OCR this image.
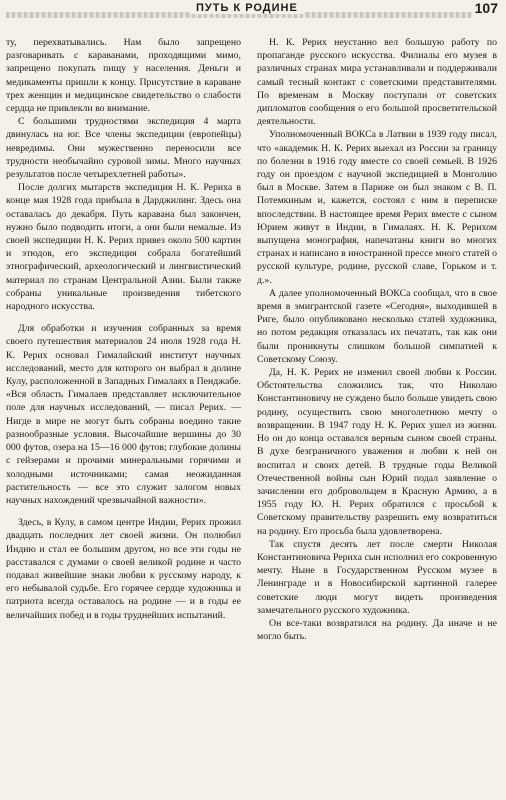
ПУТЬ К РОДИНЕ	107

ту, перехватывались. Нам было запрещено разговаривать с караванами, проходящими мимо, запрещено покупать пищу у населения. Деньги и медикаменты пришли к концу. Присутствие в караване трех женщин и медицинское свидетельство о слабости сердца не привлекли во внимание.

С большими трудностями экспедиция 4 марта двинулась на юг. Все члены экспедиции (европейцы) невредимы. Они мужественно переносили все трудности необычайно суровой зимы. Много научных результатов после четырехлетней работы».

После долгих мытарств экспедиция Н. К. Рериха в конце мая 1928 года прибыла в Дарджилинг. Здесь она оставалась до декабря. Путь каравана был закончен, нужно было подводить итоги, а они были немалые. Из своей экспедиции Н. К. Рерих привез около 500 картин и этюдов, его экспедиция собрала богатейший этнографический, археологический и лингвистический материал по странам Центральной Азии. Были также собраны уникальные произведения тибетского народного искусства.

Для обработки и изучения собранных за время своего путешествия материалов 24 июля 1928 года Н. К. Рерих основал Гималайский институт научных исследований, место для которого он выбрал в долине Кулу, расположенной в Западных Гималаях в Пенджабе. «Вся область Гималаев представляет исключительное поле для научных исследований, — писал Рерих. — Нигде в мире не могут быть собраны воедино такие разнообразные условия. Высочайшие вершины до 30 000 футов, озера на 15—16 000 футов; глубокие долины с гейзерами и прочими минеральными горячими и холодными источниками; самая неожиданная растительность — все это служит залогом новых научных нахождений чрезвычайной важности».

Здесь, в Кулу, в самом центре Индии, Рерих прожил двадцать последних лет своей жизни. Он полюбил Индию и стал ее большим другом, но все эти годы не расставался с думами о своей великой родине и часто подавал живейшие знаки любви к русскому народу, к его небывалой судьбе. Его горячее сердце художника и патриота всегда оставалось на родине — и в годы ее величайших побед и в годы труднейших испытаний.

Н. К. Рерих неустанно вел большую работу по пропаганде русского искусства. Филиалы его музея в различных странах мира устанавливали и поддерживали самый тесный контакт с советскими представителями. По временам в Москву поступали от советских дипломатов сообщения о его большой просветительской деятельности.

Уполномоченный ВОКСа в Латвии в 1939 году писал, что «академик Н. К. Рерих выехал из России за границу по болезни в 1916 году вместе со своей семьей. В 1926 году он проездом с научной экспедицией в Монголию был в Москве. Затем в Париже он был знаком с В. П. Потемкиным и, кажется, состоял с ним в переписке впоследствии. В настоящее время Рерих вместе с сыном Юрием живут в Индии, в Гималаях. Н. К. Рерихом выпущена монография, напечатаны книги во многих странах и написано в иностранной прессе много статей о русской культуре, родине, русской славе, Горьком и т. д.».

А далее уполномоченный ВОКСа сообщал, что в свое время в эмигрантской газете «Сегодня», выходившей в Риге, было опубликовано несколько статей художника, но потом редакция отказалась их печатать, так как они были проникнуты слишком большой симпатией к Советскому Союзу.

Да, Н. К. Рерих не изменил своей любви к России. Обстоятельства сложились так, что Николаю Константиновичу не суждено было больше увидеть свою родину, осуществить свою многолетнюю мечту о возвращении. В 1947 году Н. К. Рерих ушел из жизни. Но он до конца оставался верным сыном своей страны. В духе безграничного уважения и любви к ней он воспитал и своих детей. В трудные годы Великой Отечественной войны сын Юрий подал заявление о зачислении его добровольцем в Красную Армию, а в 1955 году Ю. Н. Рерих обратился с просьбой к Советскому правительству разрешить ему возвратиться на родину. Его просьба была удовлетворена.

Так спустя десять лет после смерти Николая Константиновича Рериха сын исполнил его сокровенную мечту. Ныне в Государственном Русском музее в Ленинграде и в Новосибирской картинной галерее советские люди могут видеть произведения замечательного русского художника.

Он все-таки возвратился на родину. Да иначе и не могло быть.
